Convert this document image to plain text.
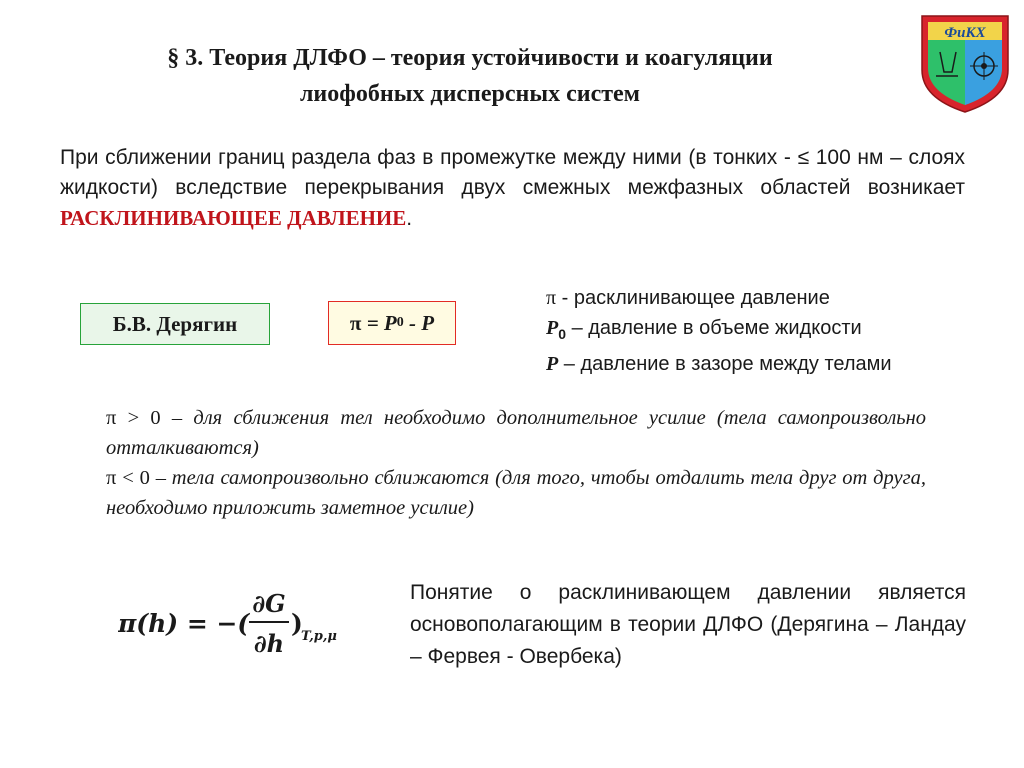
§ 3. Теория ДЛФО – теория устойчивости и коагуляции
лиофобных дисперсных систем
ФиКХ
При сближении границ раздела фаз в промежутке между ними (в тонких - ≤ 100 нм – слоях жидкости) вследствие перекрывания двух смежных межфазных областей возникает РАСКЛИНИВАЮЩЕЕ ДАВЛЕНИЕ.
Б.В. Дерягин	π = P 0 - P
π - расклинивающее давление
$P_0$ – давление в объеме жидкости
P – давление в зазоре между телами
π > 0 – для сближения тел необходимо дополнительное усилие (тела самопроизвольно отталкиваются)
π < 0 – тела самопроизвольно сближаются (для того, чтобы отдалить тела друг от друга, необходимо приложить заметное усилие)
π(h) = −(
∂G
∂h
)
T,p,μ
Понятие о расклинивающем давлении является основополагающим в теории ДЛФО (Дерягина – Ландау – Фервея - Овербека)
